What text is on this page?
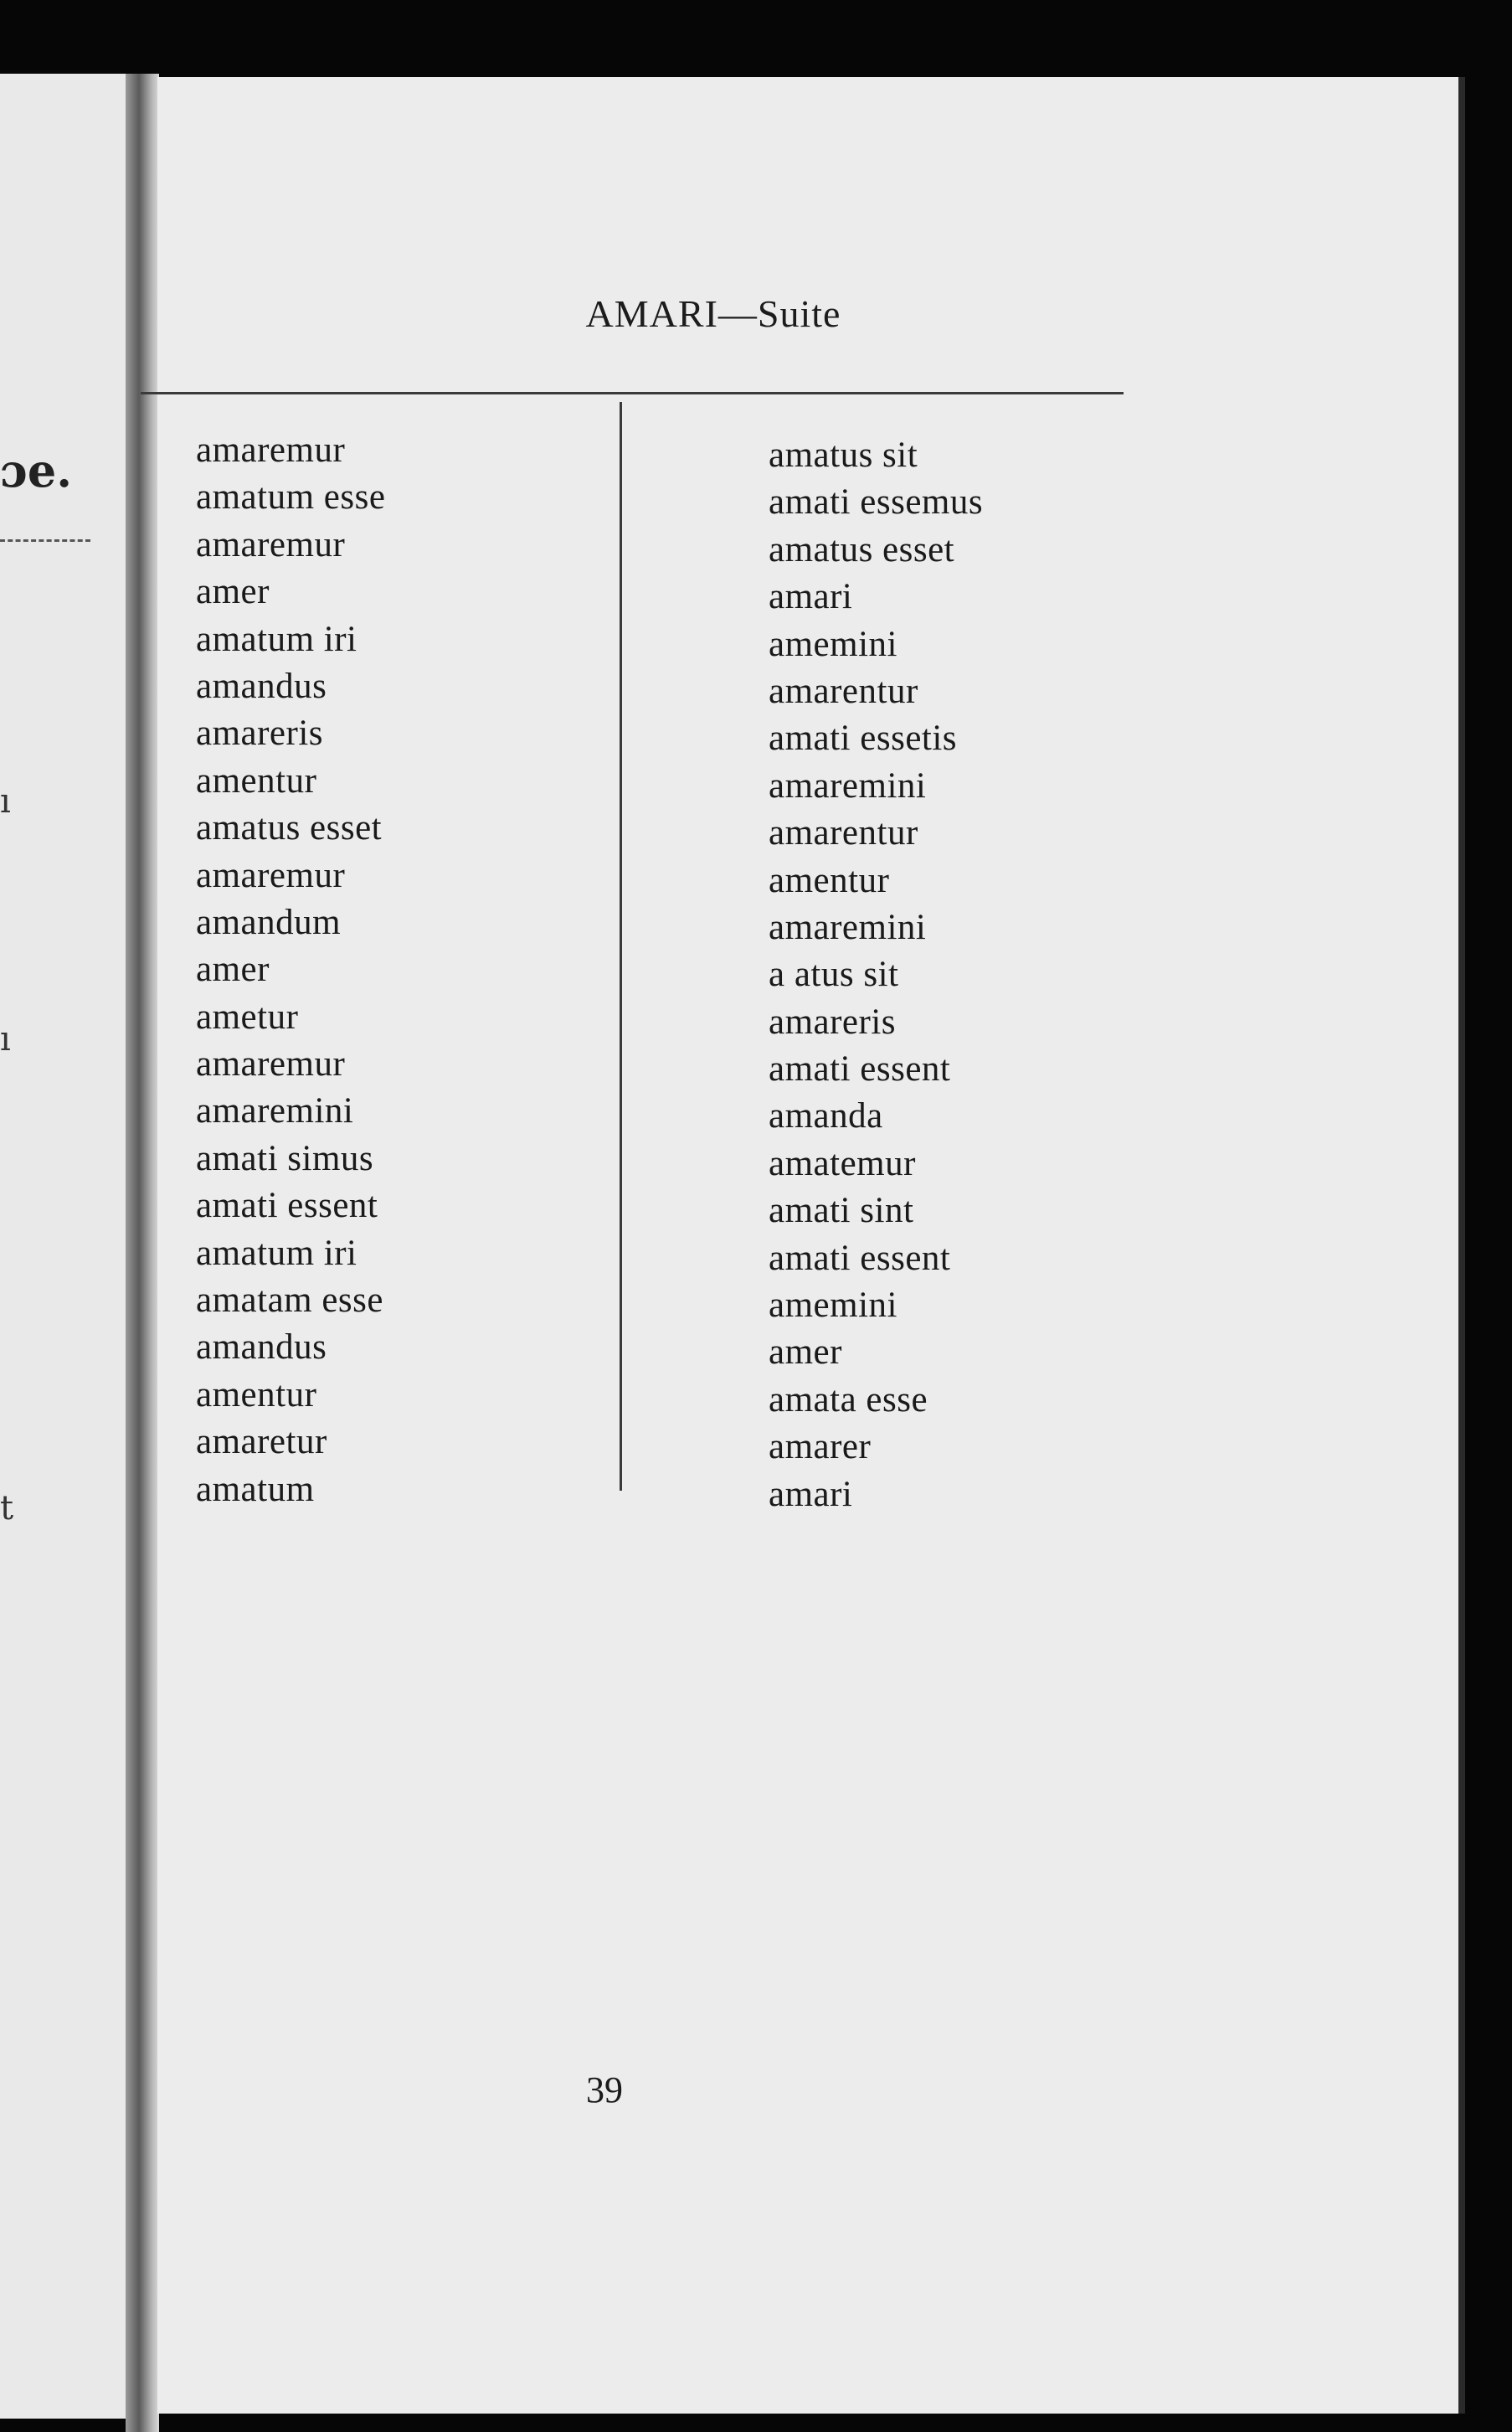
ɔe.
ı
ı
t
AMARI—Suite
amaremur
amatum esse
amaremur
amer
amatum iri
amandus
amareris
amentur
amatus esset
amaremur
amandum
amer
ametur
amaremur
amaremini
amati simus
amati essent
amatum iri
amatam esse
amandus
amentur
amaretur
amatum
amatus sit
amati essemus
amatus esset
amari
amemini
amarentur
amati essetis
amaremini
amarentur
amentur
amaremini
a atus sit
amareris
amati essent
amanda
amatemur
amati sint
amati essent
amemini
amer
amata esse
amarer
amari
39
